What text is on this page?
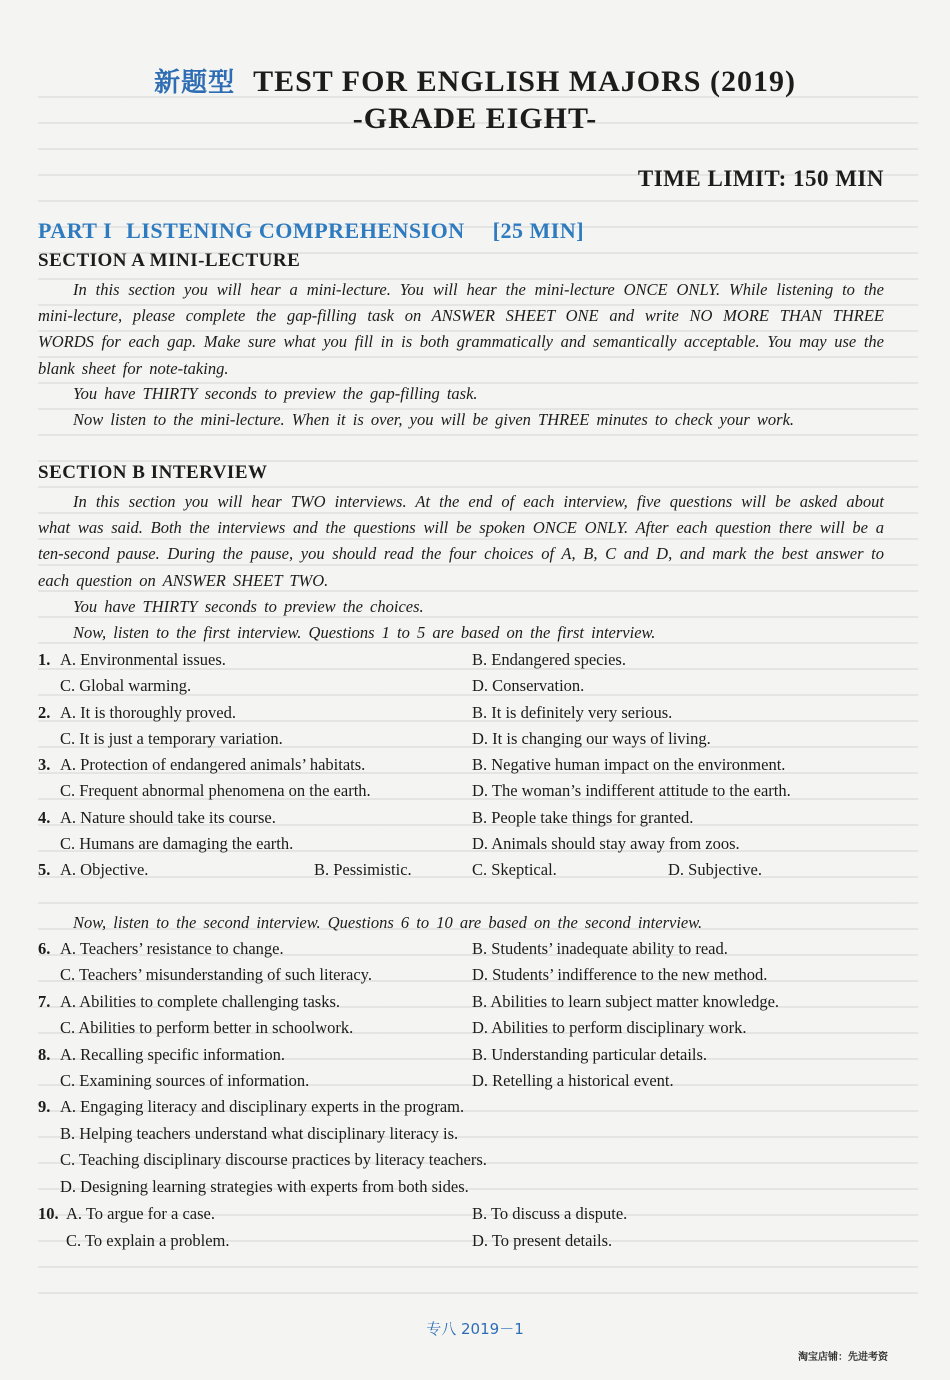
新题型 TEST FOR ENGLISH MAJORS (2019)
-GRADE EIGHT-
TIME LIMIT: 150 MIN
PART I LISTENING COMPREHENSION [25 MIN]
SECTION A MINI-LECTURE
In this section you will hear a mini-lecture. You will hear the mini-lecture ONCE ONLY. While listening to the mini-lecture, please complete the gap-filling task on ANSWER SHEET ONE and write NO MORE THAN THREE WORDS for each gap. Make sure what you fill in is both grammatically and semantically acceptable. You may use the blank sheet for note-taking.
You have THIRTY seconds to preview the gap-filling task.
Now listen to the mini-lecture. When it is over, you will be given THREE minutes to check your work.
SECTION B INTERVIEW
In this section you will hear TWO interviews. At the end of each interview, five questions will be asked about what was said. Both the interviews and the questions will be spoken ONCE ONLY. After each question there will be a ten-second pause. During the pause, you should read the four choices of A, B, C and D, and mark the best answer to each question on ANSWER SHEET TWO.
You have THIRTY seconds to preview the choices.
Now, listen to the first interview. Questions 1 to 5 are based on the first interview.
1. A. Environmental issues.	B. Endangered species.
C. Global warming.	D. Conservation.
2. A. It is thoroughly proved.	B. It is definitely very serious.
C. It is just a temporary variation.	D. It is changing our ways of living.
3. A. Protection of endangered animals’ habitats.	B. Negative human impact on the environment.
C. Frequent abnormal phenomena on the earth.	D. The woman’s indifferent attitude to the earth.
4. A. Nature should take its course.	B. People take things for granted.
C. Humans are damaging the earth.	D. Animals should stay away from zoos.
5. A. Objective.	B. Pessimistic.	C. Skeptical.	D. Subjective.
Now, listen to the second interview. Questions 6 to 10 are based on the second interview.
6. A. Teachers’ resistance to change.	B. Students’ inadequate ability to read.
C. Teachers’ misunderstanding of such literacy.	D. Students’ indifference to the new method.
7. A. Abilities to complete challenging tasks.	B. Abilities to learn subject matter knowledge.
C. Abilities to perform better in schoolwork.	D. Abilities to perform disciplinary work.
8. A. Recalling specific information.	B. Understanding particular details.
C. Examining sources of information.	D. Retelling a historical event.
9. A. Engaging literacy and disciplinary experts in the program.
B. Helping teachers understand what disciplinary literacy is.
C. Teaching disciplinary discourse practices by literacy teachers.
D. Designing learning strategies with experts from both sides.
10. A. To argue for a case.	B. To discuss a dispute.
C. To explain a problem.	D. To present details.
专八 2019－1
淘宝店铺：先进考资
